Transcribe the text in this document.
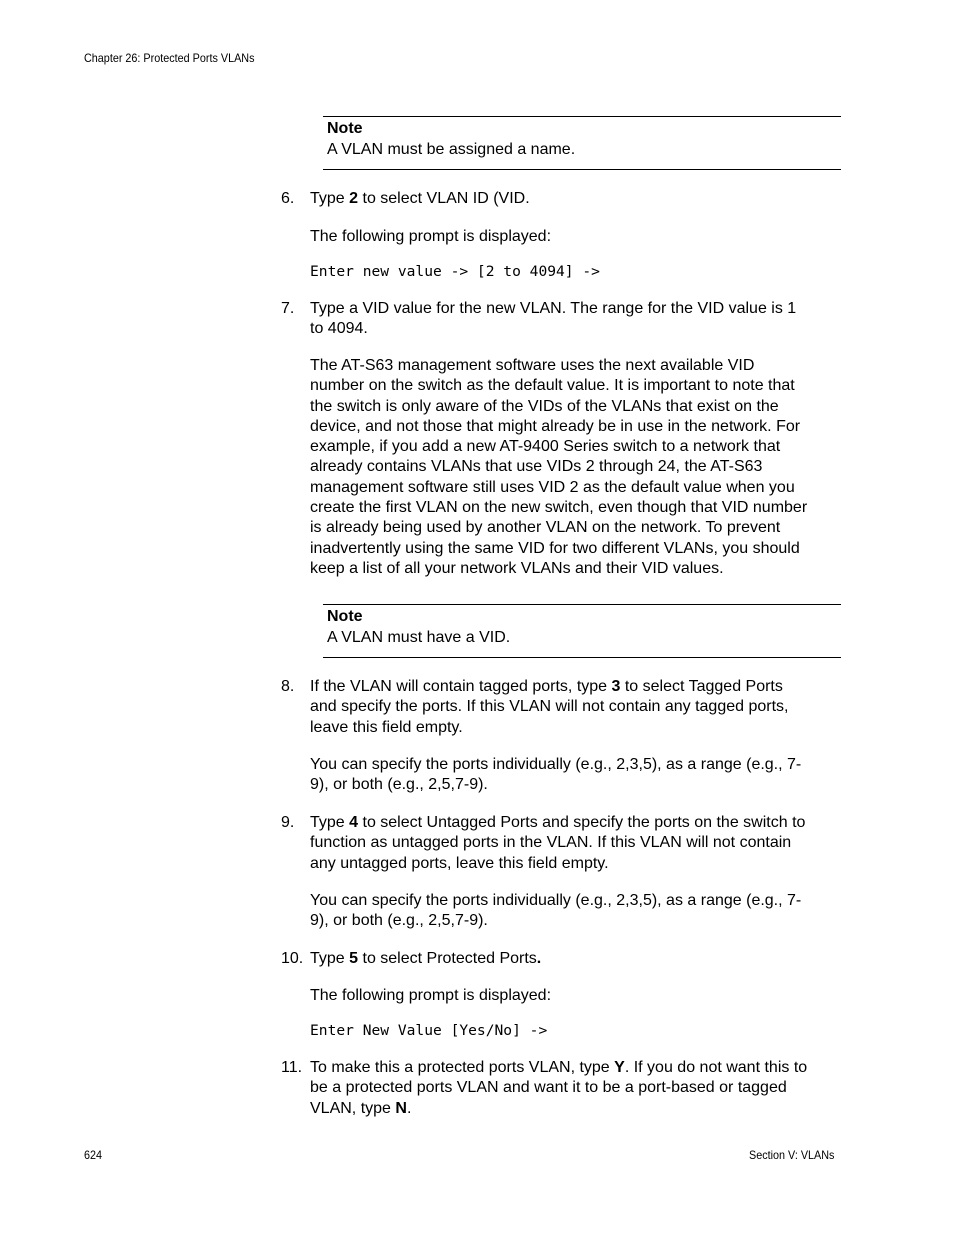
Chapter 26: Protected Ports VLANs
Note
A VLAN must be assigned a name.
6. Type 2 to select VLAN ID (VID.
The following prompt is displayed:
Enter new value -> [2 to 4094] ->
7. Type a VID value for the new VLAN. The range for the VID value is 1
to 4094.
The AT-S63 management software uses the next available VID
number on the switch as the default value. It is important to note that
the switch is only aware of the VIDs of the VLANs that exist on the
device, and not those that might already be in use in the network. For
example, if you add a new AT-9400 Series switch to a network that
already contains VLANs that use VIDs 2 through 24, the AT-S63
management software still uses VID 2 as the default value when you
create the first VLAN on the new switch, even though that VID number
is already being used by another VLAN on the network. To prevent
inadvertently using the same VID for two different VLANs, you should
keep a list of all your network VLANs and their VID values.
Note
A VLAN must have a VID.
8. If the VLAN will contain tagged ports, type 3 to select Tagged Ports
and specify the ports. If this VLAN will not contain any tagged ports,
leave this field empty.
You can specify the ports individually (e.g., 2,3,5), as a range (e.g., 7-
9), or both (e.g., 2,5,7-9).
9. Type 4 to select Untagged Ports and specify the ports on the switch to
function as untagged ports in the VLAN. If this VLAN will not contain
any untagged ports, leave this field empty.
You can specify the ports individually (e.g., 2,3,5), as a range (e.g., 7-
9), or both (e.g., 2,5,7-9).
10. Type 5 to select Protected Ports.
The following prompt is displayed:
Enter New Value [Yes/No] ->
11. To make this a protected ports VLAN, type Y. If you do not want this to
be a protected ports VLAN and want it to be a port-based or tagged
VLAN, type N.
624	Section V: VLANs
